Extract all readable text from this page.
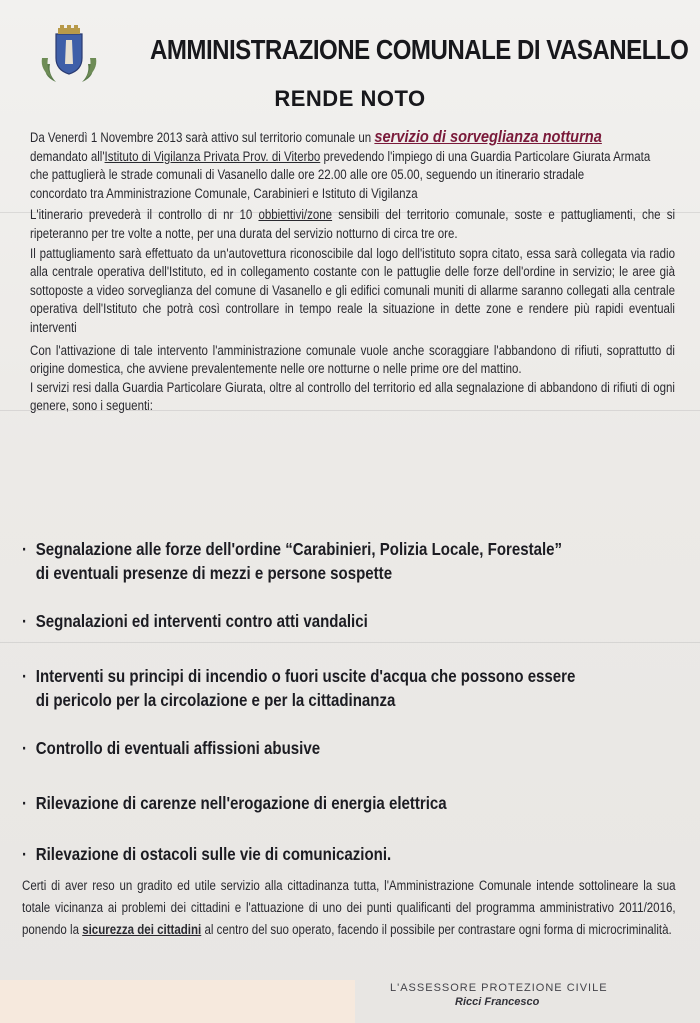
AMMINISTRAZIONE COMUNALE DI VASANELLO
RENDE NOTO

Da Venerdì 1 Novembre 2013 sarà attivo sul territorio comunale un servizio di sorveglianza notturna
demandato all'Istituto di Vigilanza Privata Prov. di Viterbo prevedendo l'impiego di una Guardia Particolare Giurata Armata
che pattuglierà le strade comunali di Vasanello dalle ore 22.00 alle ore 05.00, seguendo un itinerario stradale
concordato tra Amministrazione Comunale, Carabinieri e Istituto di Vigilanza

L'itinerario prevederà il controllo di nr 10 obbiettivi/zone sensibili del territorio comunale, soste e pattugliamenti, che si ripeteranno per tre volte a notte, per una durata del servizio notturno di circa tre ore.

Il pattugliamento sarà effettuato da un'autovettura riconoscibile dal logo dell'istituto sopra citato, essa sarà collegata via radio alla centrale operativa dell'Istituto, ed in collegamento costante con le pattuglie delle forze dell'ordine in servizio; le aree già sottoposte a video sorveglianza del comune di Vasanello e gli edifici comunali muniti di allarme saranno collegati alla centrale operativa dell'Istituto che potrà così controllare in tempo reale la situazione in dette zone e rendere più rapidi eventuali interventi

Con l'attivazione di tale intervento l'amministrazione comunale vuole anche scoraggiare l'abbandono di rifiuti, soprattutto di origine domestica, che avviene prevalentemente nelle ore notturne o nelle prime ore del mattino.

I servizi resi dalla Guardia Particolare Giurata, oltre al controllo del territorio ed alla segnalazione di abbandono di rifiuti di ogni genere, sono i seguenti:

· Segnalazione alle forze dell'ordine “Carabinieri, Polizia Locale, Forestale”
di eventuali presenze di mezzi e persone sospette
· Segnalazioni ed interventi contro atti vandalici
· Interventi su principi di incendio o fuori uscite d'acqua che possono essere
di pericolo per la circolazione e per la cittadinanza
· Controllo di eventuali affissioni abusive
· Rilevazione di carenze nell'erogazione di energia elettrica
· Rilevazione di ostacoli sulle vie di comunicazioni.
Certi di aver reso un gradito ed utile servizio alla cittadinanza tutta, l'Amministrazione Comunale intende sottolineare la sua totale vicinanza ai problemi dei cittadini e l'attuazione di uno dei punti qualificanti del programma amministrativo 2011/2016, ponendo la sicurezza dei cittadini al centro del suo operato, facendo il possibile per contrastare ogni forma di microcriminalità.
L'ASSESSORE PROTEZIONE CIVILE
Ricci Francesco
